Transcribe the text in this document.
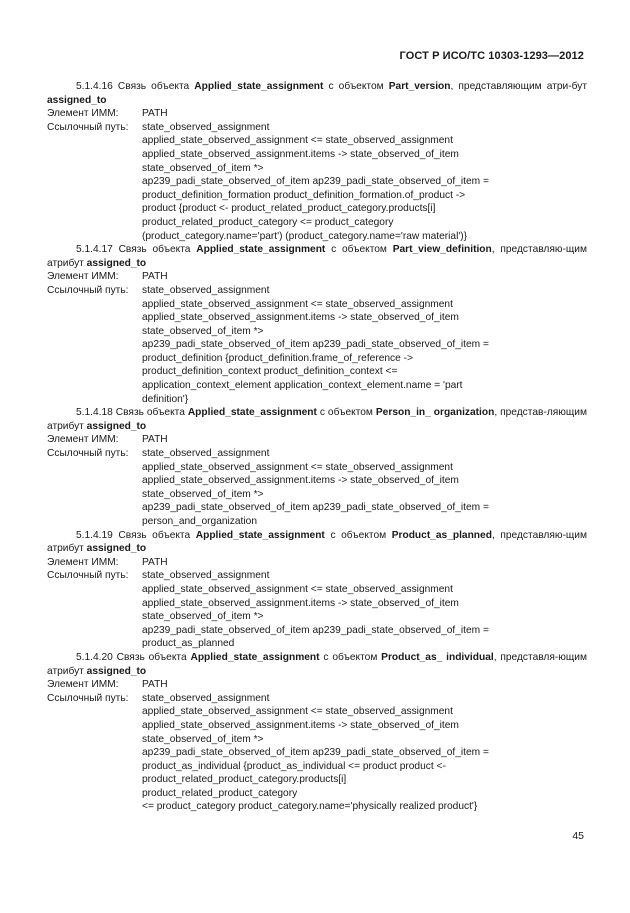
ГОСТ Р ИСО/ТС 10303-1293—2012

5.1.4.16 Связь объекта Applied_state_assignment с объектом Part_version, представляющим атри-бут assigned_to

Элемент ИММ:	PATH
Ссылочный путь:	state_observed_assignment
applied_state_observed_assignment <= state_observed_assignment
applied_state_observed_assignment.items -> state_observed_of_item
state_observed_of_item *>
ap239_padi_state_observed_of_item ap239_padi_state_observed_of_item =
product_definition_formation product_definition_formation.of_product ->
product {product <- product_related_product_category.products[i]
product_related_product_category <= product_category
(product_category.name='part') (product_category.name='raw material')}

5.1.4.17 Связь объекта Applied_state_assignment с объектом Part_view_definition, представляю-щим атрибут assigned_to

Элемент ИММ:	PATH
Ссылочный путь:	state_observed_assignment
applied_state_observed_assignment <= state_observed_assignment
applied_state_observed_assignment.items -> state_observed_of_item
state_observed_of_item *>
ap239_padi_state_observed_of_item ap239_padi_state_observed_of_item =
product_definition {product_definition.frame_of_reference ->
product_definition_context product_definition_context <=
application_context_element application_context_element.name = 'part
definition'}

5.1.4.18 Связь объекта Applied_state_assignment с объектом Person_in_ organization, представ-ляющим атрибут assigned_to

Элемент ИММ:	PATH
Ссылочный путь:	state_observed_assignment
applied_state_observed_assignment <= state_observed_assignment
applied_state_observed_assignment.items -> state_observed_of_item
state_observed_of_item *>
ap239_padi_state_observed_of_item ap239_padi_state_observed_of_item =
person_and_organization

5.1.4.19 Связь объекта Applied_state_assignment с объектом Product_as_planned, представляю-щим атрибут assigned_to

Элемент ИММ:	PATH
Ссылочный путь:	state_observed_assignment
applied_state_observed_assignment <= state_observed_assignment
applied_state_observed_assignment.items -> state_observed_of_item
state_observed_of_item *>
ap239_padi_state_observed_of_item ap239_padi_state_observed_of_item =
product_as_planned

5.1.4.20 Связь объекта Applied_state_assignment с объектом Product_as_ individual, представля-ющим атрибут assigned_to

Элемент ИММ:	PATH
Ссылочный путь:	state_observed_assignment
applied_state_observed_assignment <= state_observed_assignment
applied_state_observed_assignment.items -> state_observed_of_item
state_observed_of_item *>
ap239_padi_state_observed_of_item ap239_padi_state_observed_of_item =
product_as_individual {product_as_individual <= product product <-
product_related_product_category.products[i]
product_related_product_category
<= product_category product_category.name='physically realized product'}
45
